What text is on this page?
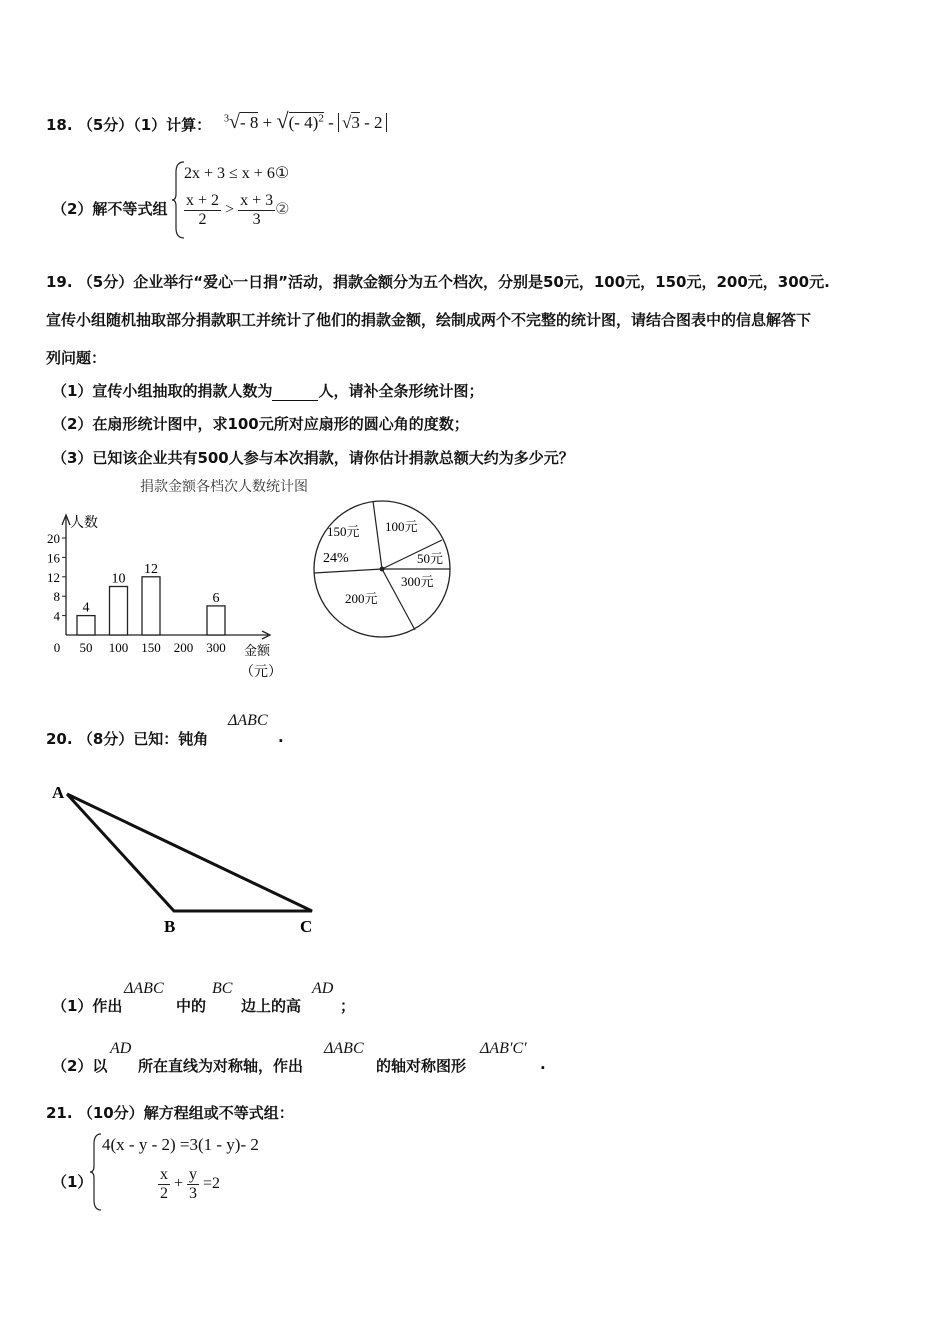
18. （5分）（1）计算： $^3$√- 8 + √(- 4)$^2$ - √3 - 2
（2）解不等式组
2x + 3 ≤ x + 6①
$\frac{x + 2}{2} > \frac{x + 3}{3}$ ②
19. （5分）企业举行“爱心一日捐”活动，捐款金额分为五个档次，分别是50元，100元，150元，200元，300元.
宣传小组随机抽取部分捐款职工并统计了他们的捐款金额，绘制成两个不完整的统计图，请结合图表中的信息解答下
列问题：
（1）宣传小组抽取的捐款人数为	人，请补全条形统计图；
（2）在扇形统计图中，求100元所对应扇形的圆心角的度数；
（3）已知该企业共有500人参与本次捐款，请你估计捐款总额大约为多少元？
捐款金额各档次人数统计图
人数
0
4
8
12
16
20
50
4
100
10
150
12
200 300
6
金额
（元）
150元 100元
50元
300元
200元
24%
20. （8分）已知：钝角
ΔABC
.
A
B	C
（1）作出
ΔABC
中的
BC
边上的高
AD
；
（2）以
AD
所在直线为对称轴，作出
ΔABC
的轴对称图形
ΔAB′C′
.
21. （10分）解方程组或不等式组：
（1）
4(x - y - 2) =3(1 - y)- 2
$\frac{x}{2} + \frac{y}{3} =2$
